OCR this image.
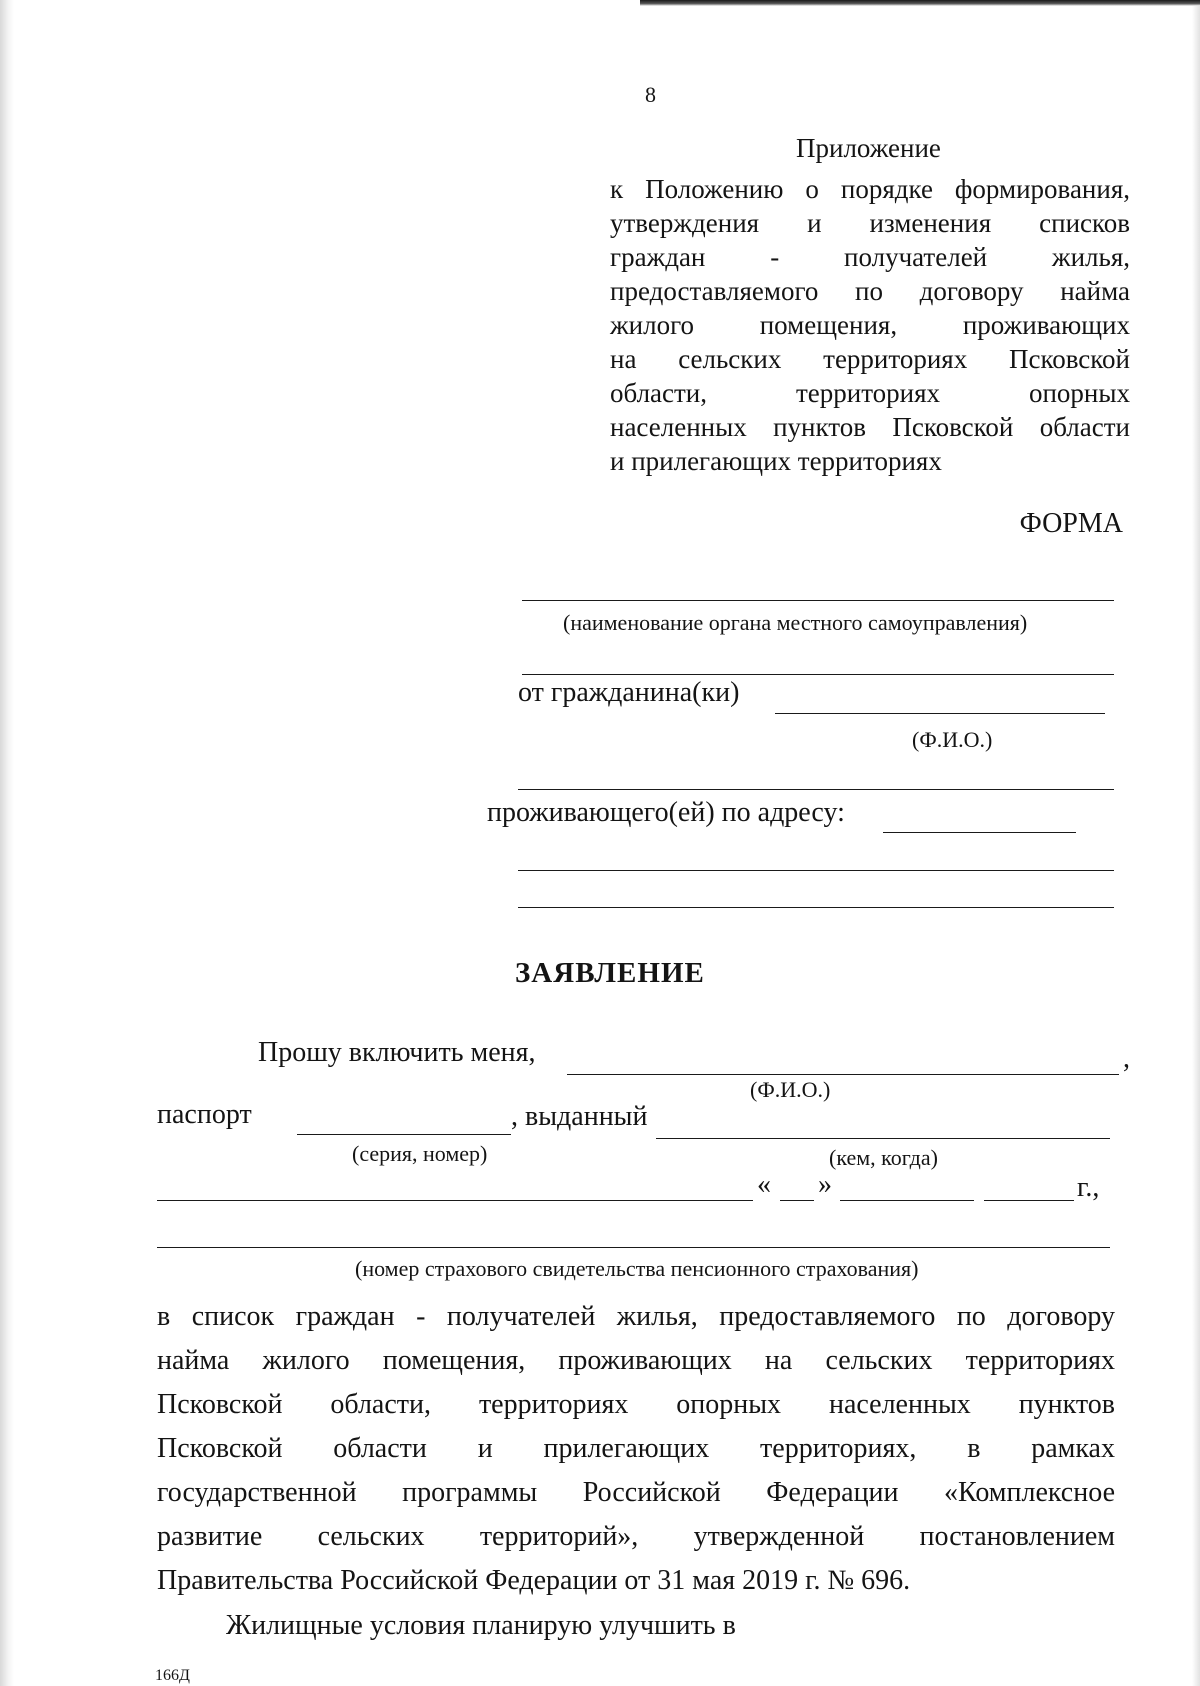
8
Приложение
к Положению о порядке формирования,
утверждения и изменения списков
граждан - получателей жилья,
предоставляемого по договору найма
жилого помещения, проживающих
на сельских территориях Псковской
области, территориях опорных
населенных пунктов Псковской области
и прилегающих территориях
ФОРМА
(наименование органа местного самоуправления)
от гражданина(ки)
(Ф.И.О.)
проживающего(ей) по адресу:
ЗАЯВЛЕНИЕ
Прошу включить меня,	,
(Ф.И.О.)
паспорт	, выданный
(серия, номер)	(кем, когда)
« »	г.,
(номер страхового свидетельства пенсионного страхования)
в список граждан - получателей жилья, предоставляемого по договору
найма жилого помещения, проживающих на сельских территориях
Псковской области, территориях опорных населенных пунктов
Псковской области и прилегающих территориях, в рамках
государственной программы Российской Федерации «Комплексное
развитие сельских территорий», утвержденной постановлением
Правительства Российской Федерации от 31 мая 2019 г. № 696.
Жилищные условия планирую улучшить в
166Д
